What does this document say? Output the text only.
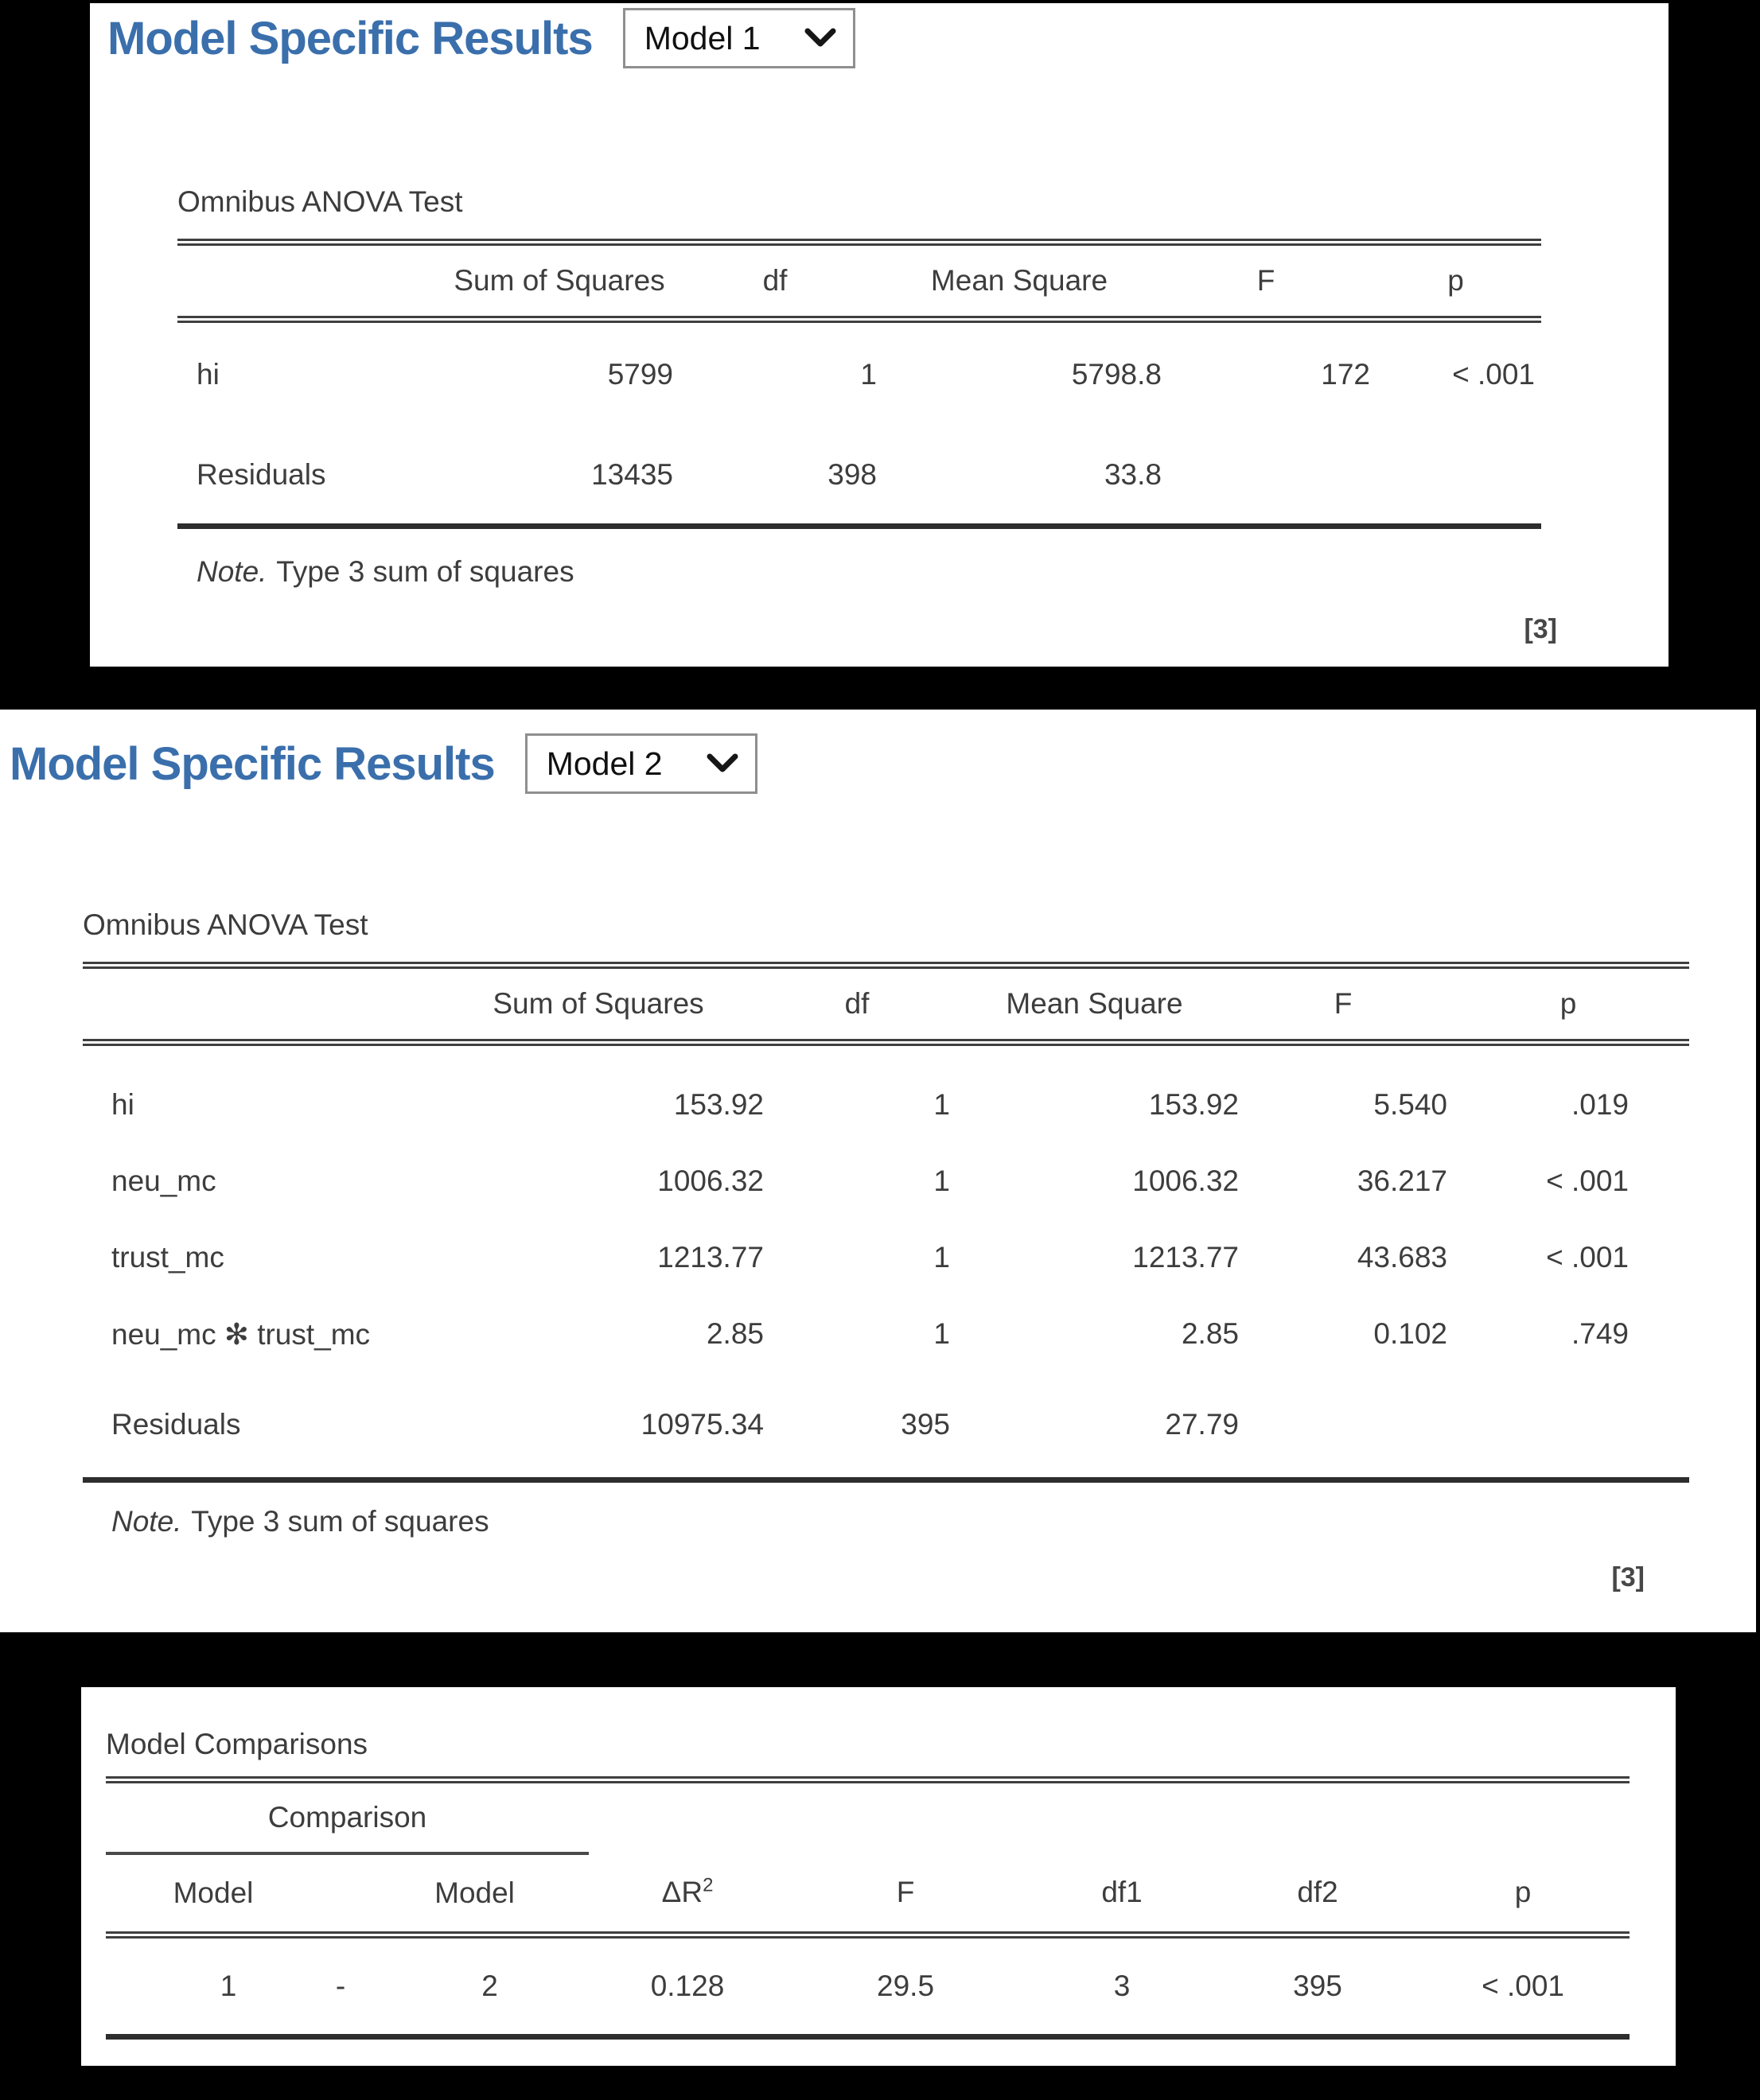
Model Specific Results Model 1
Omnibus ANOVA Test
	Sum of Squares	df	Mean Square	F	p
hi	5799	1	5798.8	172	< .001
Residuals	13435	398	33.8		
Note. Type 3 sum of squares
[3]
Model Specific Results Model 2
Omnibus ANOVA Test
	Sum of Squares	df	Mean Square	F	p
hi	153.92	1	153.92	5.540	.019
neu_mc	1006.32	1	1006.32	36.217	< .001
trust_mc	1213.77	1	1213.77	43.683	< .001
neu_mc ✻ trust_mc	2.85	1	2.85	0.102	.749
Residuals	10975.34	395	27.79		
Note. Type 3 sum of squares
[3]
Model Comparisons
Comparison							
Model		Model	$\Delta R^2$	F	df1	df2	p
1	-	2	0.128	29.5	3	395	< .001
